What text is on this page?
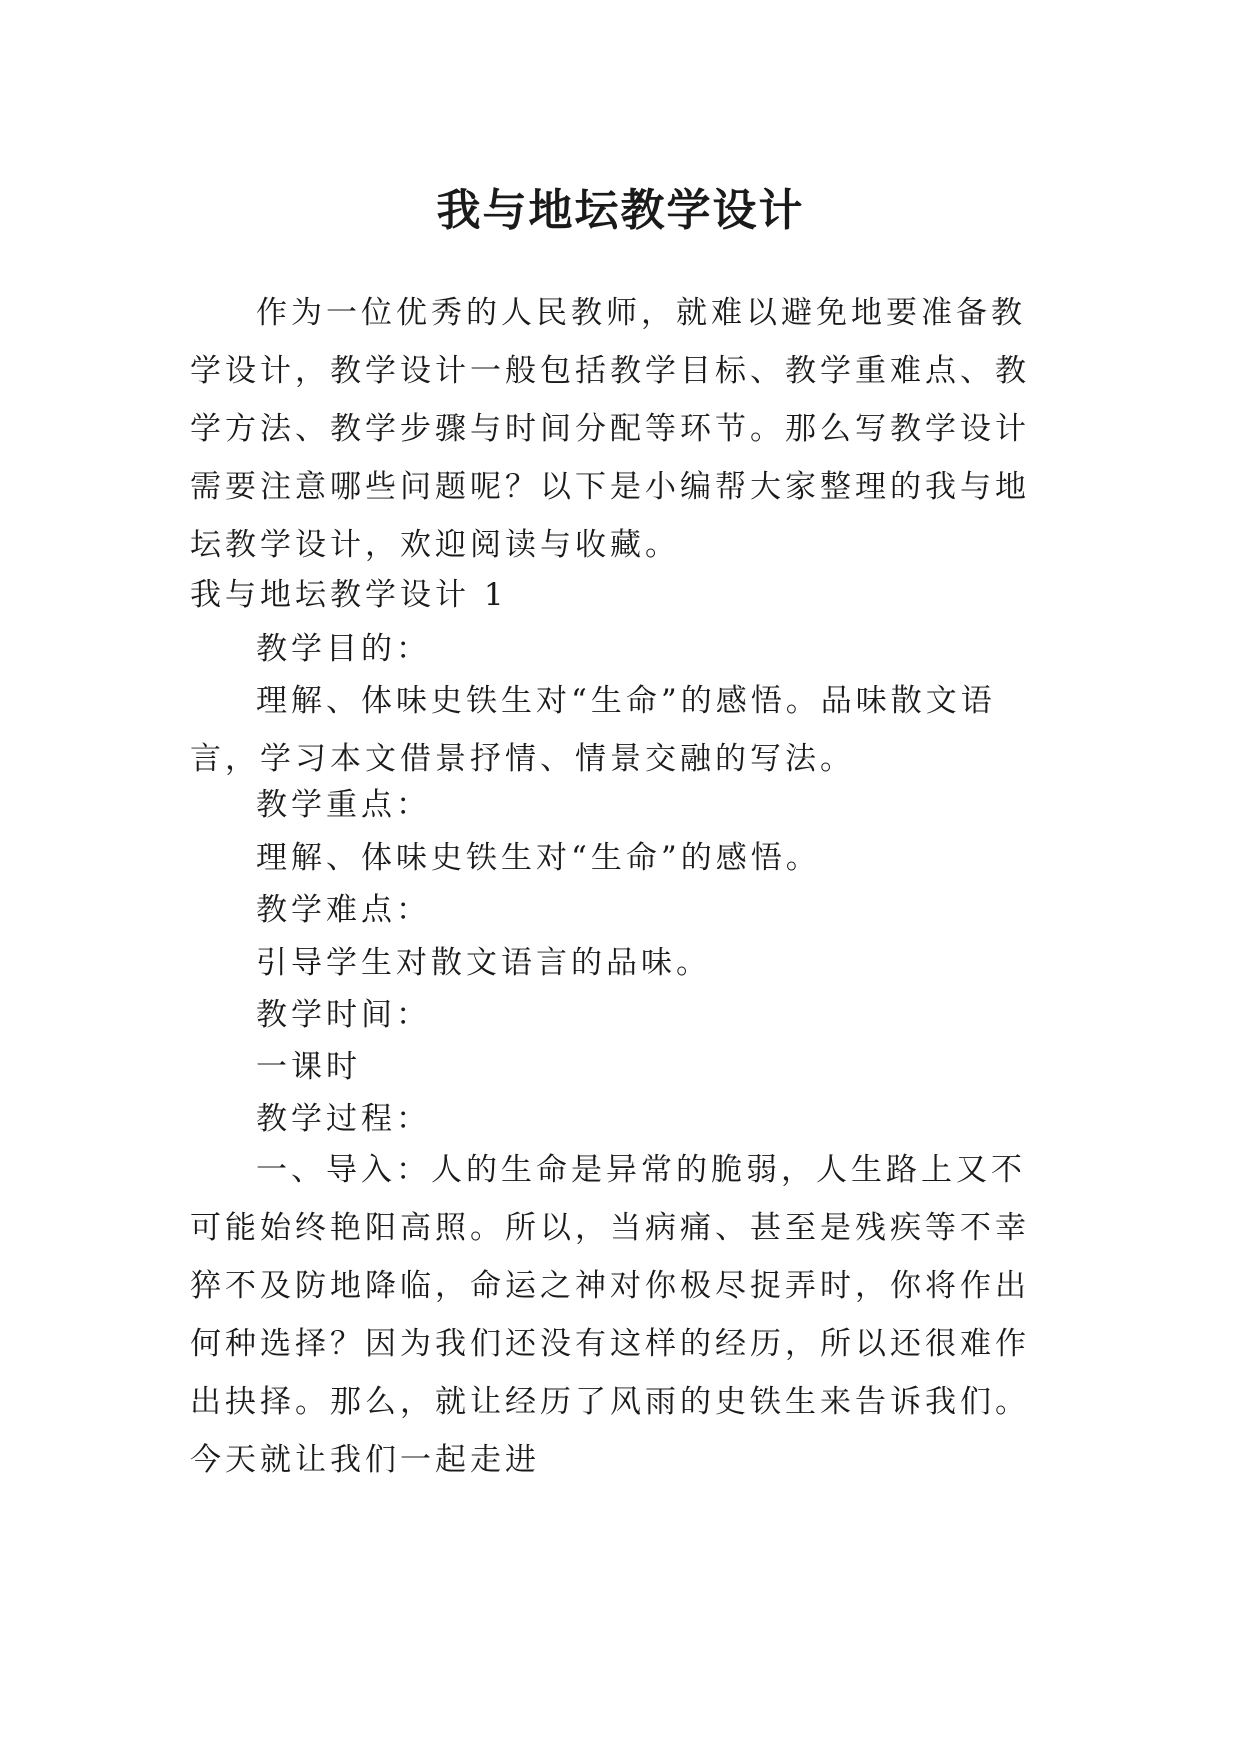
我与地坛教学设计

作为一位优秀的人民教师，就难以避免地要准备教学设计，教学设计一般包括教学目标、教学重难点、教学方法、教学步骤与时间分配等环节。那么写教学设计需要注意哪些问题呢？以下是小编帮大家整理的我与地坛教学设计，欢迎阅读与收藏。

我与地坛教学设计 1

教学目的：

理解、体味史铁生对“生命”的感悟。品味散文语言，学习本文借景抒情、情景交融的写法。

教学重点：

理解、体味史铁生对“生命”的感悟。

教学难点：

引导学生对散文语言的品味。

教学时间：

一课时

教学过程：

一、导入：人的生命是异常的脆弱，人生路上又不可能始终艳阳高照。所以，当病痛、甚至是残疾等不幸猝不及防地降临，命运之神对你极尽捉弄时，你将作出何种选择？因为我们还没有这样的经历，所以还很难作出抉择。那么，就让经历了风雨的史铁生来告诉我们。今天就让我们一起走进
